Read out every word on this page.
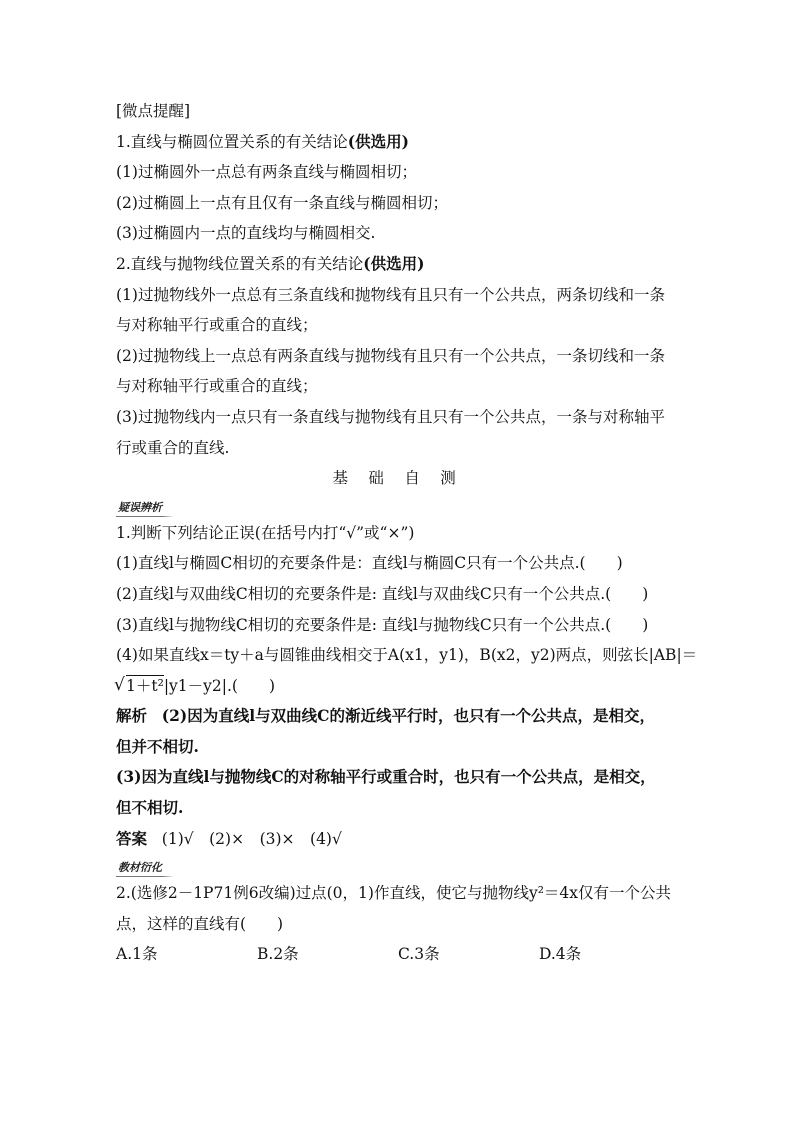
[微点提醒]
1.直线与椭圆位置关系的有关结论(供选用)
(1)过椭圆外一点总有两条直线与椭圆相切；
(2)过椭圆上一点有且仅有一条直线与椭圆相切；
(3)过椭圆内一点的直线均与椭圆相交.
2.直线与抛物线位置关系的有关结论(供选用)
(1)过抛物线外一点总有三条直线和抛物线有且只有一个公共点，两条切线和一条
与对称轴平行或重合的直线；
(2)过抛物线上一点总有两条直线与抛物线有且只有一个公共点，一条切线和一条
与对称轴平行或重合的直线；
(3)过抛物线内一点只有一条直线与抛物线有且只有一个公共点，一条与对称轴平
行或重合的直线.
基 础 自 测
疑误辨析
1.判断下列结论正误(在括号内打“√”或“×”)
(1)直线l与椭圆C相切的充要条件是：直线l与椭圆C只有一个公共点.(　　)
(2)直线l与双曲线C相切的充要条件是: 直线l与双曲线C只有一个公共点.(　　)
(3)直线l与抛物线C相切的充要条件是: 直线l与抛物线C只有一个公共点.(　　)
(4)如果直线x＝ty＋a与圆锥曲线相交于A(x1，y1)，B(x2，y2)两点，则弦长|AB|＝
√ 1＋t²|y1－y2|.(　　)
解析 (2)因为直线l与双曲线C的渐近线平行时，也只有一个公共点，是相交，
但并不相切.
(3)因为直线l与抛物线C的对称轴平行或重合时，也只有一个公共点，是相交，
但不相切.
答案 (1)√　(2)×　(3)×　(4)√
教材衍化
2.(选修2－1P71例6改编)过点(0，1)作直线，使它与抛物线y²＝4x仅有一个公共
点，这样的直线有(　　)
A.1条	B.2条	C.3条	D.4条
